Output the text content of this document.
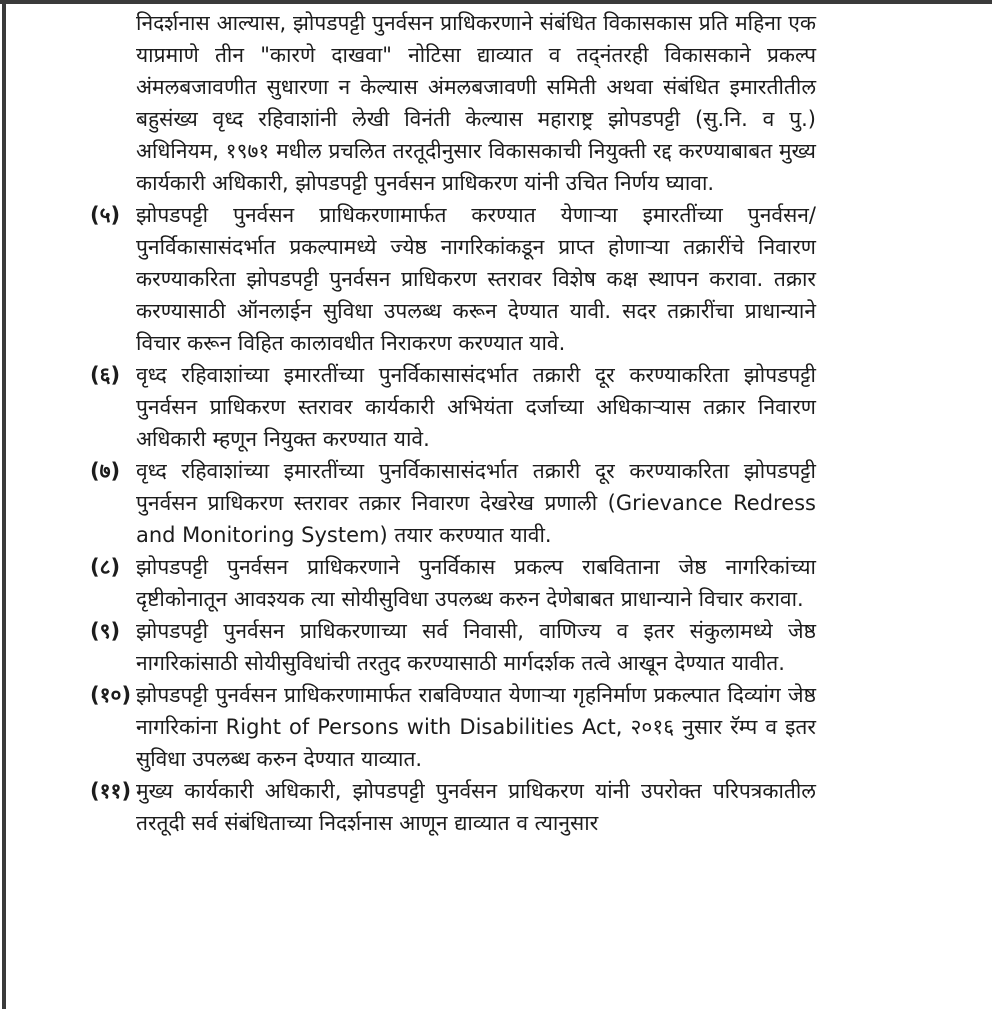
निदर्शनास आल्यास, झोपडपट्टी पुनर्वसन प्राधिकरणाने संबंधित विकासकास प्रति महिना एक याप्रमाणे तीन "कारणे दाखवा" नोटिसा द्याव्यात व तद्नंतरही विकासकाने प्रकल्प अंमलबजावणीत सुधारणा न केल्यास अंमलबजावणी समिती अथवा संबंधित इमारतीतील बहुसंख्य वृध्द रहिवाशांनी लेखी विनंती केल्यास महाराष्ट्र झोपडपट्टी (सु.नि. व पु.) अधिनियम, १९७१ मधील प्रचलित तरतूदीनुसार विकासकाची नियुक्ती रद्द करण्याबाबत मुख्य कार्यकारी अधिकारी, झोपडपट्टी पुनर्वसन प्राधिकरण यांनी उचित निर्णय घ्यावा.

(५) झोपडपट्टी पुनर्वसन प्राधिकरणामार्फत करण्यात येणाऱ्या इमारतींच्या पुनर्वसन/ पुनर्विकासासंदर्भात प्रकल्पामध्ये ज्येष्ठ नागरिकांकडून प्राप्त होणाऱ्या तक्रारींचे निवारण करण्याकरिता झोपडपट्टी पुनर्वसन प्राधिकरण स्तरावर विशेष कक्ष स्थापन करावा. तक्रार करण्यासाठी ऑनलाईन सुविधा उपलब्ध करून देण्यात यावी. सदर तक्रारींचा प्राधान्याने विचार करून विहित कालावधीत निराकरण करण्यात यावे.
(६) वृध्द रहिवाशांच्या इमारतींच्या पुनर्विकासासंदर्भात तक्रारी दूर करण्याकरिता झोपडपट्टी पुनर्वसन प्राधिकरण स्तरावर कार्यकारी अभियंता दर्जाच्या अधिकाऱ्यास तक्रार निवारण अधिकारी म्हणून नियुक्त करण्यात यावे.
(७) वृध्द रहिवाशांच्या इमारतींच्या पुनर्विकासासंदर्भात तक्रारी दूर करण्याकरिता झोपडपट्टी पुनर्वसन प्राधिकरण स्तरावर तक्रार निवारण देखरेख प्रणाली (Grievance Redress and Monitoring System) तयार करण्यात यावी.
(८) झोपडपट्टी पुनर्वसन प्राधिकरणाने पुनर्विकास प्रकल्प राबविताना जेष्ठ नागरिकांच्या दृष्टीकोनातून आवश्यक त्या सोयीसुविधा उपलब्ध करुन देणेबाबत प्राधान्याने विचार करावा.
(९) झोपडपट्टी पुनर्वसन प्राधिकरणाच्या सर्व निवासी, वाणिज्य व इतर संकुलामध्ये जेष्ठ नागरिकांसाठी सोयीसुविधांची तरतुद करण्यासाठी मार्गदर्शक तत्वे आखून देण्यात यावीत.
(१०) झोपडपट्टी पुनर्वसन प्राधिकरणामार्फत राबविण्यात येणाऱ्या गृहनिर्माण प्रकल्पात दिव्यांग जेष्ठ नागरिकांना Right of Persons with Disabilities Act, २०१६ नुसार रॅम्प व इतर सुविधा उपलब्ध करुन देण्यात याव्यात.
(११) मुख्य कार्यकारी अधिकारी, झोपडपट्टी पुनर्वसन प्राधिकरण यांनी उपरोक्त परिपत्रकातील तरतूदी सर्व संबंधिताच्या निदर्शनास आणून द्याव्यात व त्यानुसार
